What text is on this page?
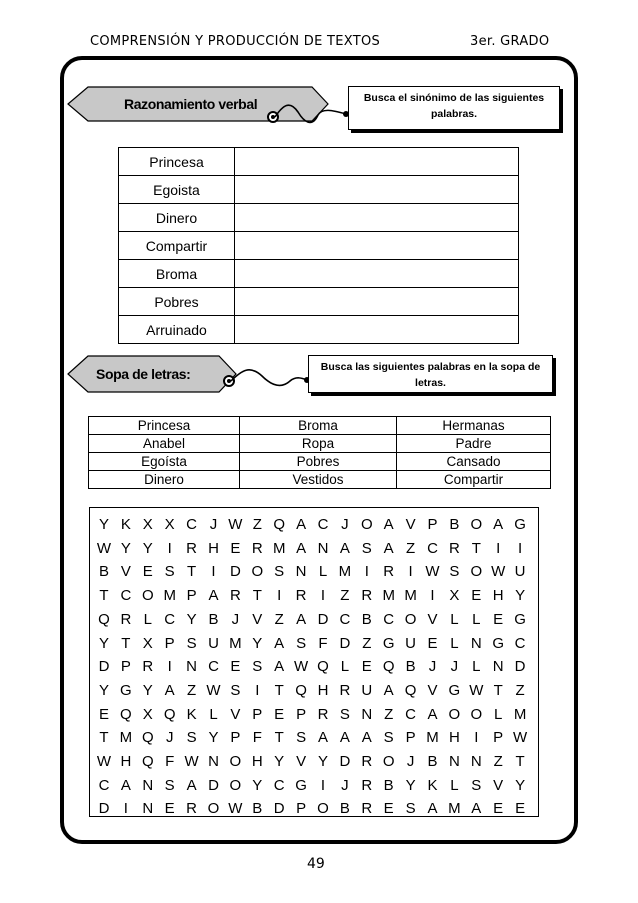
COMPRENSIÓN Y PRODUCCIÓN DE TEXTOS	3er. GRADO
Razonamiento verbal	Busca el sinónimo de las siguientes palabras.
Princesa	
Egoista	
Dinero	
Compartir	
Broma	
Pobres	
Arruinado	
Sopa de letras:	Busca las siguientes palabras en la sopa de letras.
Princesa	Broma	Hermanas
Anabel	Ropa	Padre
Egoísta	Pobres	Cansado
Dinero	Vestidos	Compartir
Y K X X C J W Z Q A C J O A V P B O A G
W Y Y I R H E R M A N A S A Z C R T	I	I
B V E S T	I D O S N L M I R I W S O W U
T C O M P A R T	I R I	Z R M M I X E H Y
Q R L C Y B J V Z A D C B C O V L L E G
Y T X P S U M Y A S F D Z G U E L N G C
D P R I N C E S A W Q L E Q B J J L N D
Y G Y A Z W S I	T Q H R U A Q V G W T Z
E Q X Q K L V P E P R S N Z C A O O L M
T M Q J S Y P F T S A A A S P M H I P W
W H Q F W N O H Y V Y D R O J B N N Z T
C A N S A D O Y C G I	J R B Y K L S V Y
D I N E R O W B D P O B R E S A M A E E
49
